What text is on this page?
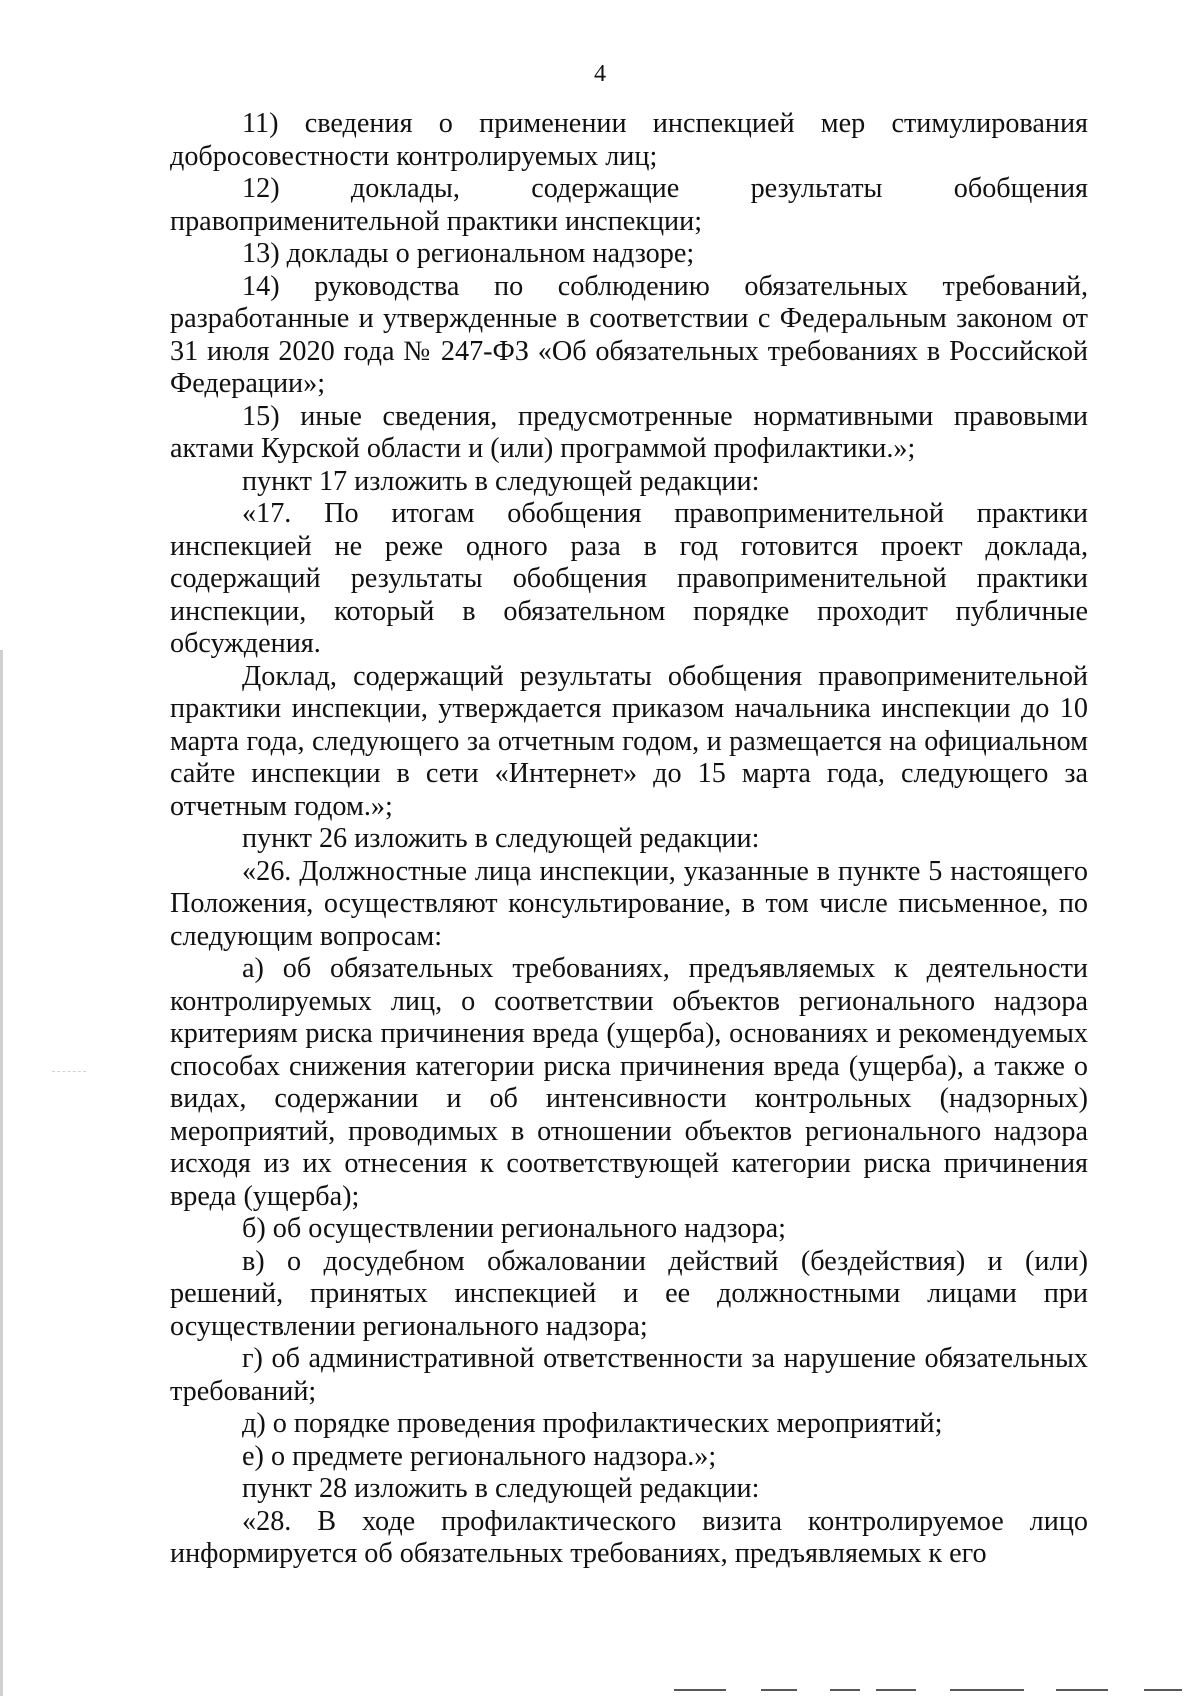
4

11) сведения о применении инспекцией мер стимулирования добросовестности контролируемых лиц;

12) доклады, содержащие результаты обобщения правоприменительной практики инспекции;

13) доклады о региональном надзоре;

14) руководства по соблюдению обязательных требований, разработанные и утвержденные в соответствии с Федеральным законом от 31 июля 2020 года № 247-ФЗ «Об обязательных требованиях в Российской Федерации»;

15) иные сведения, предусмотренные нормативными правовыми актами Курской области и (или) программой профилактики.»;

пункт 17 изложить в следующей редакции:

«17. По итогам обобщения правоприменительной практики инспекцией не реже одного раза в год готовится проект доклада, содержащий результаты обобщения правоприменительной практики инспекции, который в обязательном порядке проходит публичные обсуждения.

Доклад, содержащий результаты обобщения правоприменительной практики инспекции, утверждается приказом начальника инспекции до 10 марта года, следующего за отчетным годом, и размещается на официальном сайте инспекции в сети «Интернет» до 15 марта года, следующего за отчетным годом.»;

пункт 26 изложить в следующей редакции:

«26. Должностные лица инспекции, указанные в пункте 5 настоящего Положения, осуществляют консультирование, в том числе письменное, по следующим вопросам:

а) об обязательных требованиях, предъявляемых к деятельности контролируемых лиц, о соответствии объектов регионального надзора критериям риска причинения вреда (ущерба), основаниях и рекомендуемых способах снижения категории риска причинения вреда (ущерба), а также о видах, содержании и об интенсивности контрольных (надзорных) мероприятий, проводимых в отношении объектов регионального надзора исходя из их отнесения к соответствующей категории риска причинения вреда (ущерба);

б) об осуществлении регионального надзора;

в) о досудебном обжаловании действий (бездействия) и (или) решений, принятых инспекцией и ее должностными лицами при осуществлении регионального надзора;

г) об административной ответственности за нарушение обязательных требований;

д) о порядке проведения профилактических мероприятий;

е) о предмете регионального надзора.»;

пункт 28 изложить в следующей редакции:

«28. В ходе профилактического визита контролируемое лицо информируется об обязательных требованиях, предъявляемых к его
